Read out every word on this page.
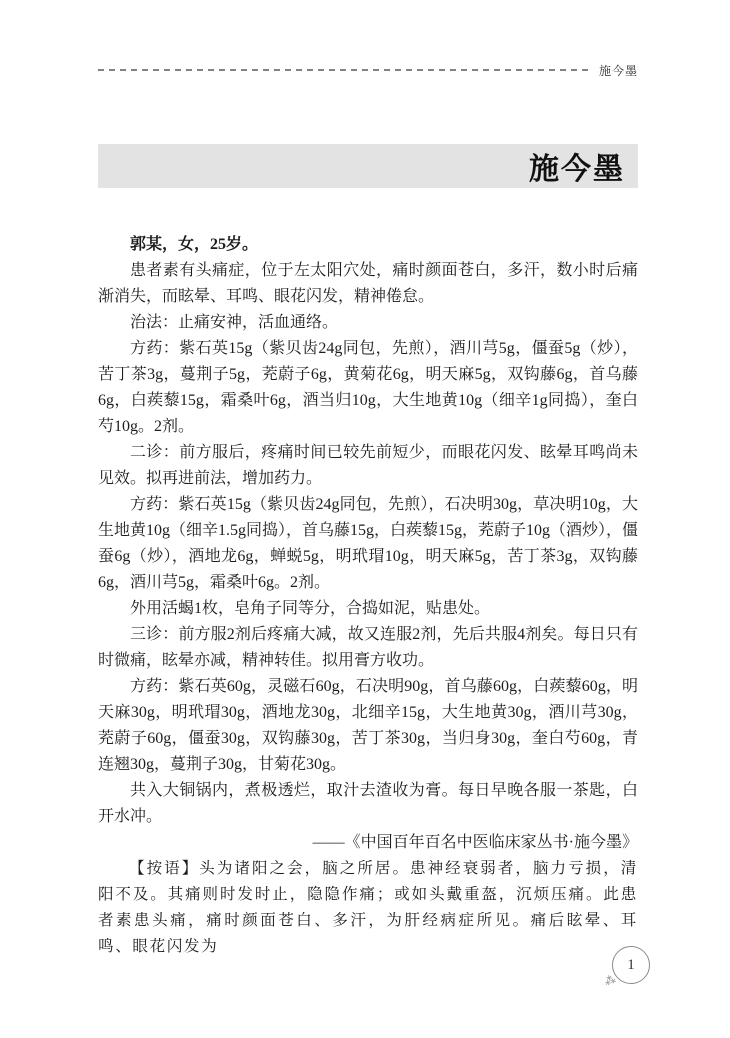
施今墨
施今墨

郭某，女，25岁。

患者素有头痛症，位于左太阳穴处，痛时颜面苍白，多汗，数小时后痛渐消失，而眩晕、耳鸣、眼花闪发，精神倦怠。

治法：止痛安神，活血通络。

方药：紫石英15g（紫贝齿24g同包，先煎），酒川芎5g，僵蚕5g（炒），苦丁茶3g，蔓荆子5g，茺蔚子6g，黄菊花6g，明天麻5g，双钩藤6g，首乌藤6g，白蒺藜15g，霜桑叶6g，酒当归10g，大生地黄10g（细辛1g同捣），奎白芍10g。2剂。

二诊：前方服后，疼痛时间已较先前短少，而眼花闪发、眩晕耳鸣尚未见效。拟再进前法，增加药力。

方药：紫石英15g（紫贝齿24g同包，先煎），石决明30g，草决明10g，大生地黄10g（细辛1.5g同捣），首乌藤15g，白蒺藜15g，茺蔚子10g（酒炒），僵蚕6g（炒），酒地龙6g，蝉蜕5g，明玳瑁10g，明天麻5g，苦丁茶3g，双钩藤6g，酒川芎5g，霜桑叶6g。2剂。

外用活蝎1枚，皂角子同等分，合捣如泥，贴患处。

三诊：前方服2剂后疼痛大减，故又连服2剂，先后共服4剂矣。每日只有时微痛，眩晕亦减，精神转佳。拟用膏方收功。

方药：紫石英60g，灵磁石60g，石决明90g，首乌藤60g，白蒺藜60g，明天麻30g，明玳瑁30g，酒地龙30g，北细辛15g，大生地黄30g，酒川芎30g，茺蔚子60g，僵蚕30g，双钩藤30g，苦丁茶30g，当归身30g，奎白芍60g，青连翘30g，蔓荆子30g，甘菊花30g。

共入大铜锅内，煮极透烂，取汁去渣收为膏。每日早晚各服一茶匙，白开水冲。

——《中国百年百名中医临床家丛书·施今墨》

【按语】头为诸阳之会，脑之所居。患神经衰弱者，脑力亏损，清阳不及。其痛则时发时止，隐隐作痛；或如头戴重盔，沉烦压痛。此患者素患头痛，痛时颜面苍白、多汗，为肝经病症所见。痛后眩晕、耳鸣、眼花闪发为

⁂
1
